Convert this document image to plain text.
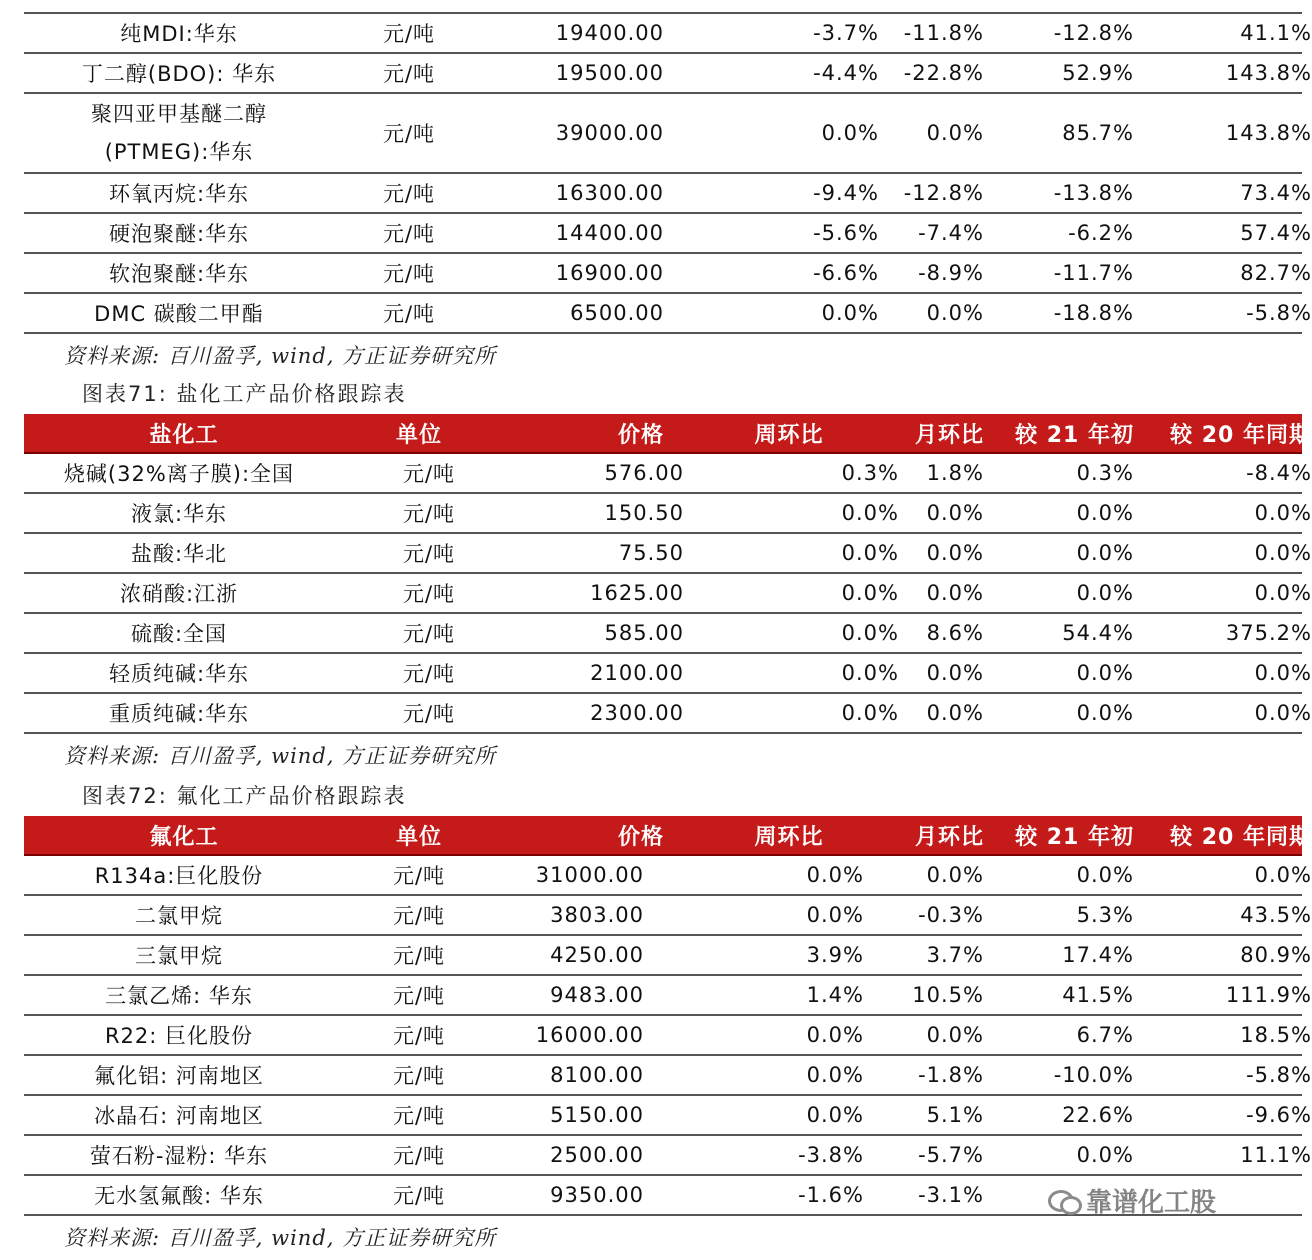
纯MDI:华东	元/吨	19400.00	-3.7%	-11.8%	-12.8%	41.1%
丁二醇(BDO): 华东	元/吨	19500.00	-4.4%	-22.8%	52.9%	143.8%
聚四亚甲基醚二醇
(PTMEG):华东
元/吨	39000.00	0.0%	0.0%	85.7%	143.8%
环氧丙烷:华东	元/吨	16300.00	-9.4%	-12.8%	-13.8%	73.4%
硬泡聚醚:华东	元/吨	14400.00	-5.6%	-7.4%	-6.2%	57.4%
软泡聚醚:华东	元/吨	16900.00	-6.6%	-8.9%	-11.7%	82.7%
DMC 碳酸二甲酯	元/吨	6500.00	0.0%	0.0%	-18.8%	-5.8%
资料来源: 百川盈孚, wind, 方正证券研究所
图表71: 盐化工产品价格跟踪表
盐化工	单位	价格	周环比	月环比	较 21 年初	较 20 年同期
烧碱(32%离子膜):全国	元/吨	576.00	0.3%	1.8%	0.3%	-8.4%
液氯:华东	元/吨	150.50	0.0%	0.0%	0.0%	0.0%
盐酸:华北	元/吨	75.50	0.0%	0.0%	0.0%	0.0%
浓硝酸:江浙	元/吨	1625.00	0.0%	0.0%	0.0%	0.0%
硫酸:全国	元/吨	585.00	0.0%	8.6%	54.4%	375.2%
轻质纯碱:华东	元/吨	2100.00	0.0%	0.0%	0.0%	0.0%
重质纯碱:华东	元/吨	2300.00	0.0%	0.0%	0.0%	0.0%
资料来源: 百川盈孚, wind, 方正证券研究所
图表72: 氟化工产品价格跟踪表
氟化工	单位	价格	周环比	月环比	较 21 年初	较 20 年同期
R134a:巨化股份	元/吨	31000.00	0.0%	0.0%	0.0%	0.0%
二氯甲烷	元/吨	3803.00	0.0%	-0.3%	5.3%	43.5%
三氯甲烷	元/吨	4250.00	3.9%	3.7%	17.4%	80.9%
三氯乙烯: 华东	元/吨	9483.00	1.4%	10.5%	41.5%	111.9%
R22: 巨化股份	元/吨	16000.00	0.0%	0.0%	6.7%	18.5%
氟化铝: 河南地区	元/吨	8100.00	0.0%	-1.8%	-10.0%	-5.8%
冰晶石: 河南地区	元/吨	5150.00	0.0%	5.1%	22.6%	-9.6%
萤石粉-湿粉: 华东	元/吨	2500.00	-3.8%	-5.7%	0.0%	11.1%
无水氢氟酸: 华东	元/吨	9350.00	-1.6%	-3.1%
资料来源: 百川盈孚, wind, 方正证券研究所
靠谱化工股
